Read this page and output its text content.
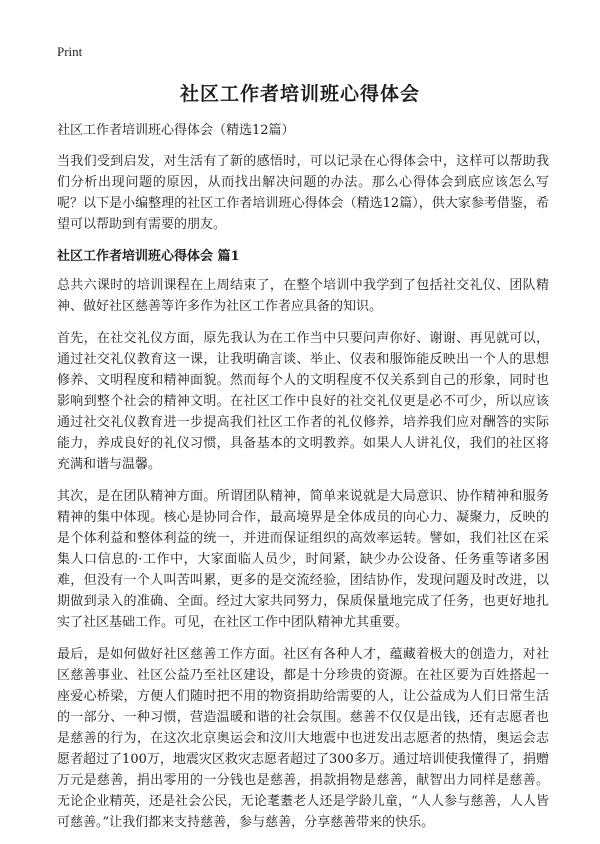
Print
社区工作者培训班心得体会

社区工作者培训班心得体会（精选12篇）

当我们受到启发，对生活有了新的感悟时，可以记录在心得体会中，这样可以帮助我们分析出现问题的原因，从而找出解决问题的办法。那么心得体会到底应该怎么写呢？以下是小编整理的社区工作者培训班心得体会（精选12篇），供大家参考借鉴，希望可以帮助到有需要的朋友。

社区工作者培训班心得体会 篇1

总共六课时的培训课程在上周结束了，在整个培训中我学到了包括社交礼仪、团队精神、做好社区慈善等许多作为社区工作者应具备的知识。

首先，在社交礼仪方面，原先我认为在工作当中只要问声你好、谢谢、再见就可以，通过社交礼仪教育这一课，让我明确言谈、举止、仪表和服饰能反映出一个人的思想修养、文明程度和精神面貌。然而每个人的文明程度不仅关系到自己的形象，同时也影响到整个社会的精神文明。在社区工作中良好的社交礼仪更是必不可少，所以应该通过社交礼仪教育进一步提高我们社区工作者的礼仪修养，培养我们应对酬答的实际能力，养成良好的礼仪习惯，具备基本的文明教养。如果人人讲礼仪，我们的社区将充满和谐与温馨。

其次，是在团队精神方面。所谓团队精神，简单来说就是大局意识、协作精神和服务精神的集中体现。核心是协同合作，最高境界是全体成员的向心力、凝聚力，反映的是个体利益和整体利益的统一，并进而保证组织的高效率运转。譬如，我们社区在采集人口信息的·工作中，大家面临人员少，时间紧，缺少办公设备、任务重等诸多困难，但没有一个人叫苦叫累，更多的是交流经验，团结协作，发现问题及时改进，以期做到录入的准确、全面。经过大家共同努力，保质保量地完成了任务，也更好地扎实了社区基础工作。可见，在社区工作中团队精神尤其重要。

最后，是如何做好社区慈善工作方面。社区有各种人才，蕴藏着极大的创造力，对社区慈善事业、社区公益乃至社区建设，都是十分珍贵的资源。在社区要为百姓搭起一座爱心桥梁，方便人们随时把不用的物资捐助给需要的人，让公益成为人们日常生活的一部分、一种习惯，营造温暖和谐的社会氛围。慈善不仅仅是出钱，还有志愿者也是慈善的行为，在这次北京奥运会和汶川大地震中也迸发出志愿者的热情，奥运会志愿者超过了100万，地震灾区救灾志愿者超过了300多万。通过培训使我懂得了，捐赠万元是慈善，捐出零用的一分钱也是慈善，捐款捐物是慈善，献智出力同样是慈善。无论企业精英，还是社会公民，无论耄耋老人还是学龄儿童，“人人参与慈善，人人皆可慈善。”让我们都来支持慈善，参与慈善，分享慈善带来的快乐。
